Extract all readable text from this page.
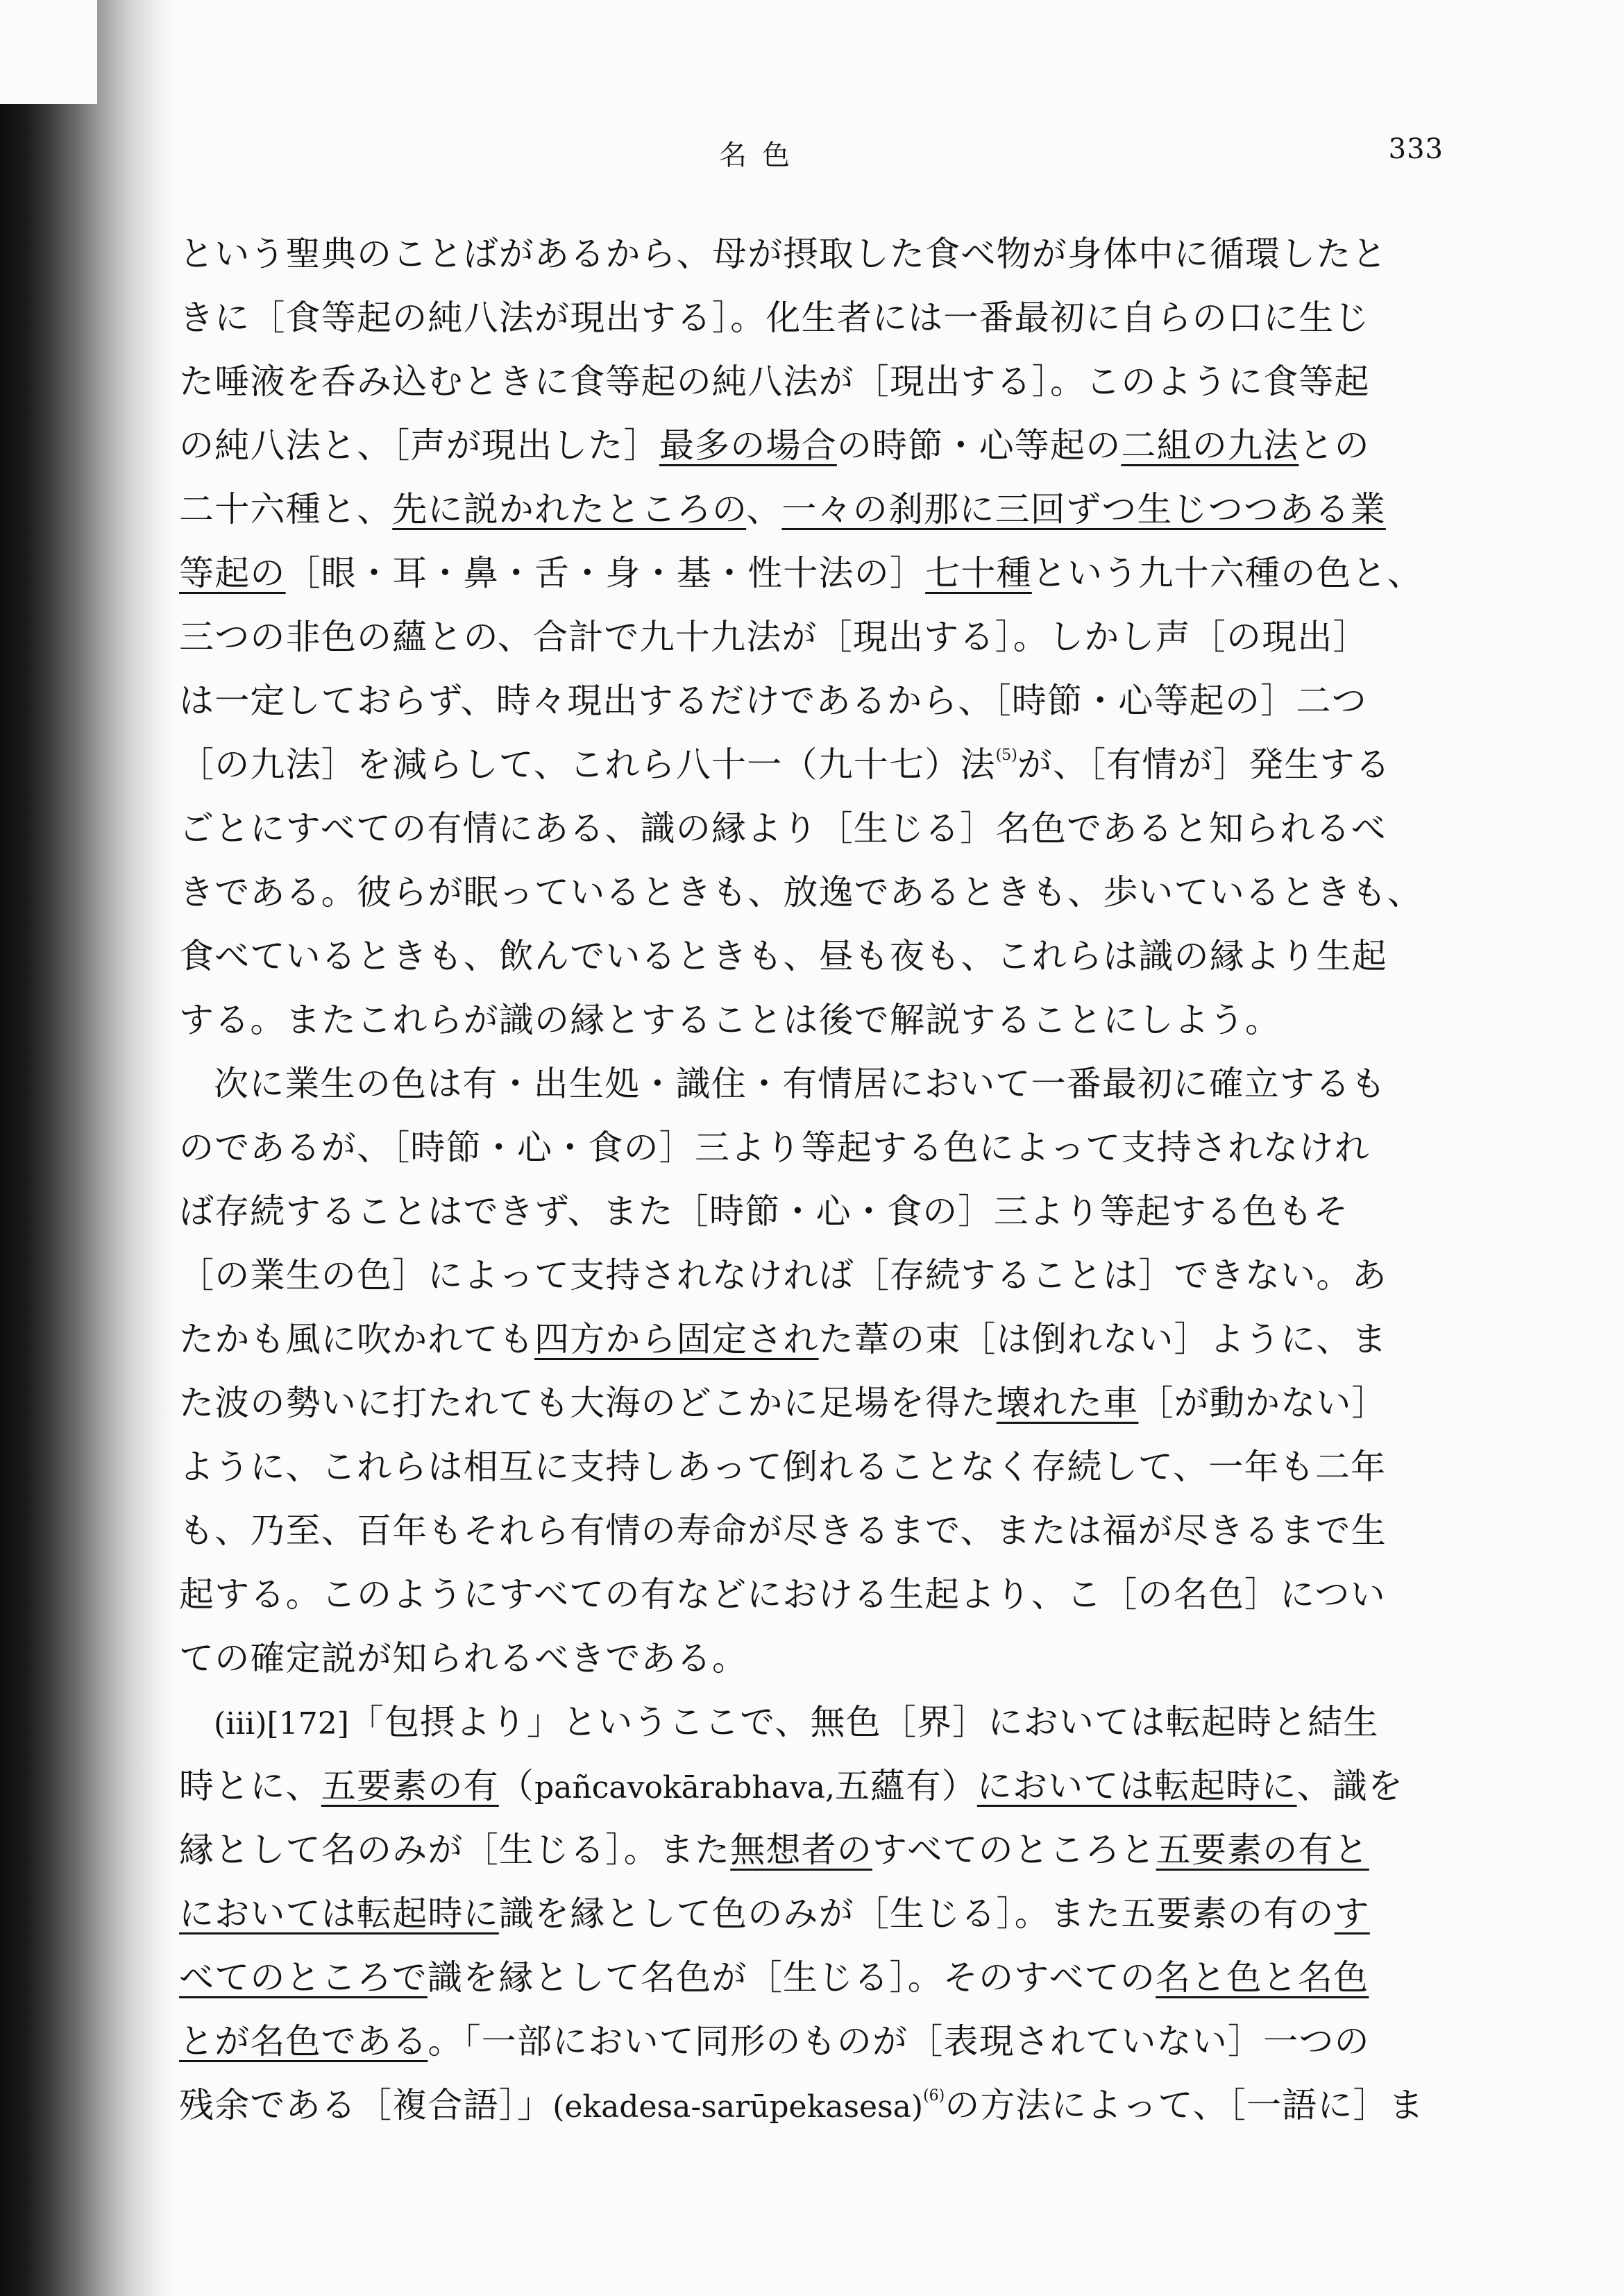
名色	333
という聖典のことばがあるから、母が摂取した食べ物が身体中に循環したと
きに［食等起の純八法が現出する］。化生者には一番最初に自らの口に生じ
た唾液を呑み込むときに食等起の純八法が［現出する］。このように食等起
の純八法と、［声が現出した］最多の場合の時節・心等起の二組の九法との
二十六種と、先に説かれたところの、一々の刹那に三回ずつ生じつつある業
等起の［眼・耳・鼻・舌・身・基・性十法の］七十種という九十六種の色と、
三つの非色の蘊との、合計で九十九法が［現出する］。しかし声［の現出］
は一定しておらず、時々現出するだけであるから、［時節・心等起の］二つ
［の九法］を減らして、これら八十一（九十七）法$^{(5)}$が、［有情が］発生する
ごとにすべての有情にある、識の縁より［生じる］名色であると知られるべ
きである。彼らが眠っているときも、放逸であるときも、歩いているときも、
食べているときも、飲んでいるときも、昼も夜も、これらは識の縁より生起
する。またこれらが識の縁とすることは後で解説することにしよう。
次に業生の色は有・出生処・識住・有情居において一番最初に確立するも
のであるが、［時節・心・食の］三より等起する色によって支持されなけれ
ば存続することはできず、また［時節・心・食の］三より等起する色もそ
［の業生の色］によって支持されなければ［存続することは］できない。あ
たかも風に吹かれても四方から固定された葦の束［は倒れない］ように、ま
た波の勢いに打たれても大海のどこかに足場を得た壊れた車［が動かない］
ように、これらは相互に支持しあって倒れることなく存続して、一年も二年
も、乃至、百年もそれら有情の寿命が尽きるまで、または福が尽きるまで生
起する。このようにすべての有などにおける生起より、こ［の名色］につい
ての確定説が知られるべきである。
(iii)[172]「包摂より」というここで、無色［界］においては転起時と結生
時とに、五要素の有（pañcavokārabhava,五蘊有）においては転起時に、識を
縁として名のみが［生じる］。また無想者のすべてのところと五要素の有と
においては転起時に識を縁として色のみが［生じる］。また五要素の有のす
べてのところで識を縁として名色が［生じる］。そのすべての名と色と名色
とが名色である。「一部において同形のものが［表現されていない］一つの
残余である［複合語］」(ekadesa-sarūpekasesa)$^{(6)}$の方法によって、［一語に］ま
